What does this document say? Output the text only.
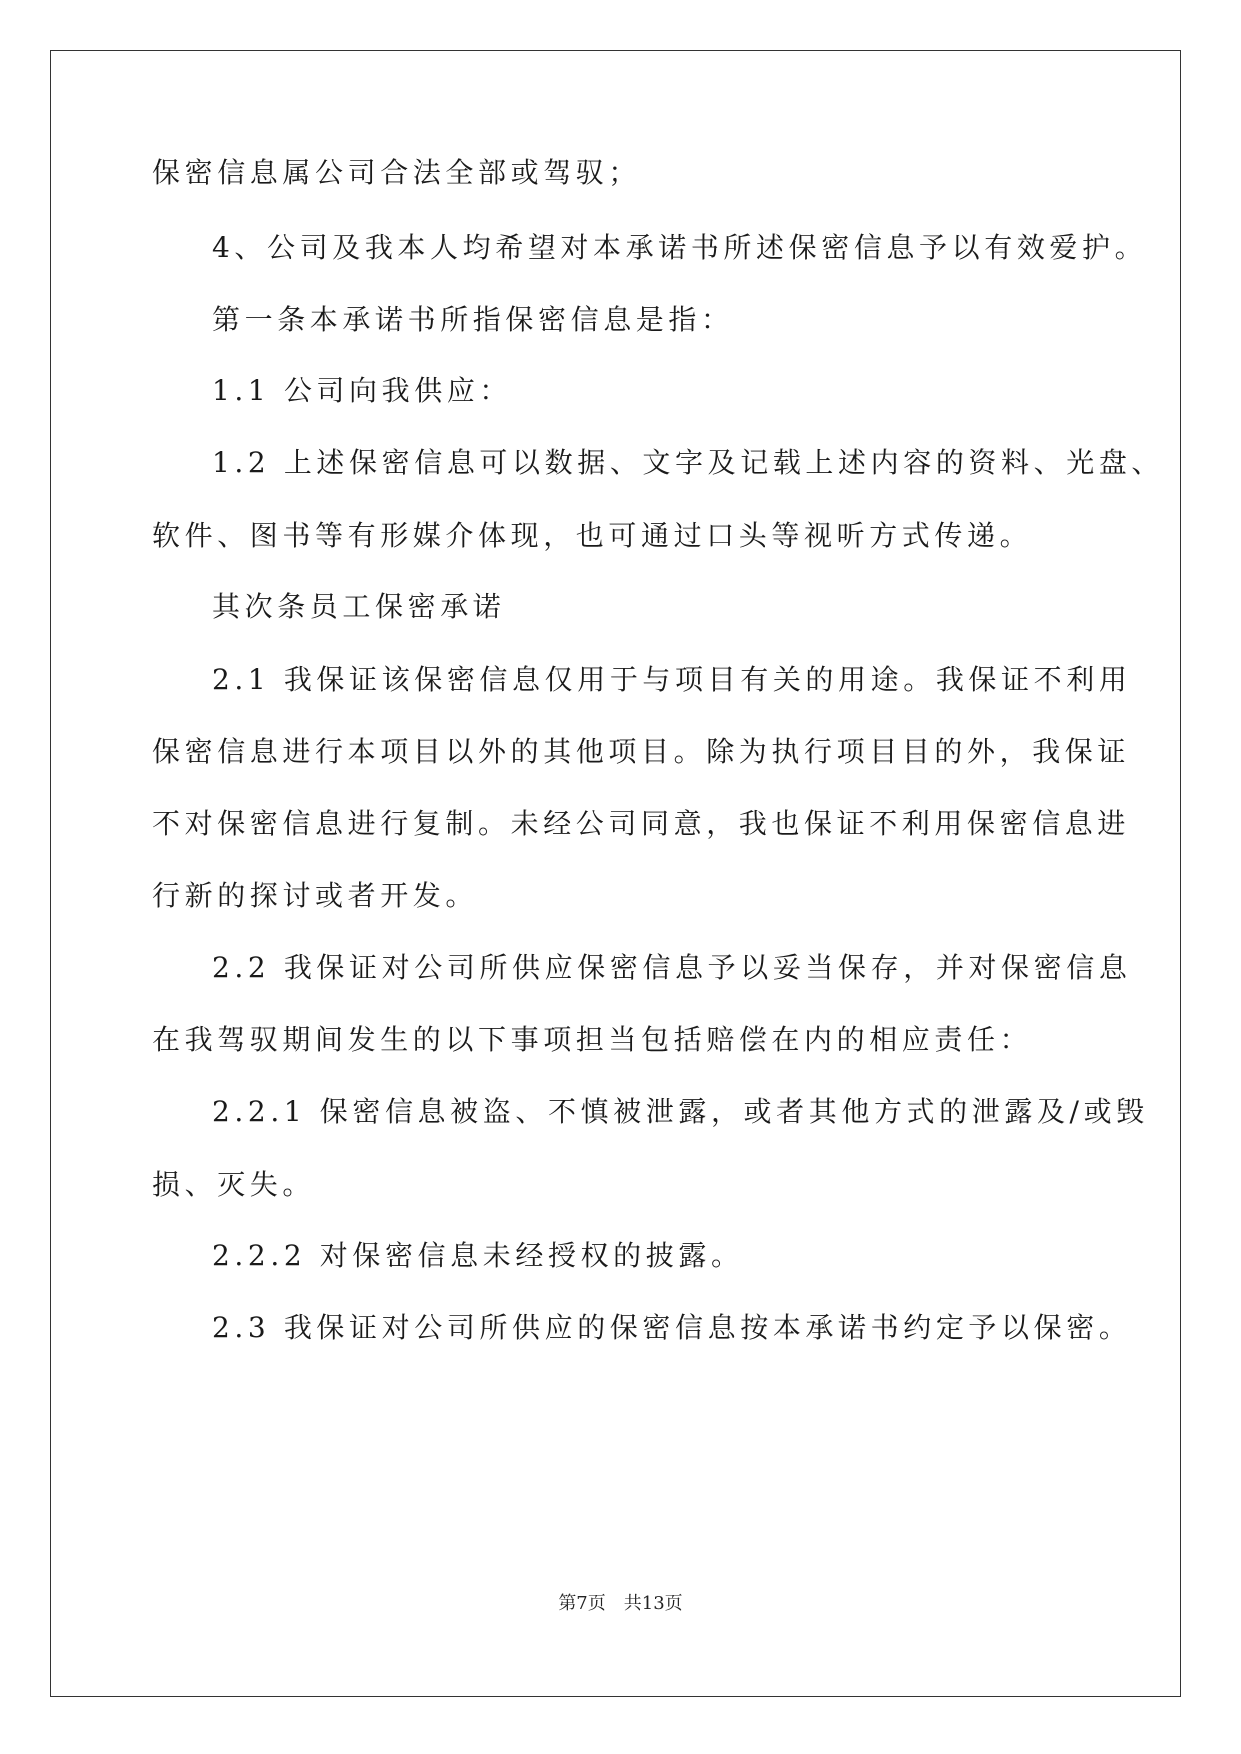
保密信息属公司合法全部或驾驭；
4、公司及我本人均希望对本承诺书所述保密信息予以有效爱护。
第一条本承诺书所指保密信息是指：
1.1 公司向我供应：
1.2 上述保密信息可以数据、文字及记载上述内容的资料、光盘、
软件、图书等有形媒介体现，也可通过口头等视听方式传递。
其次条员工保密承诺
2.1 我保证该保密信息仅用于与项目有关的用途。我保证不利用
保密信息进行本项目以外的其他项目。除为执行项目目的外，我保证
不对保密信息进行复制。未经公司同意，我也保证不利用保密信息进
行新的探讨或者开发。
2.2 我保证对公司所供应保密信息予以妥当保存，并对保密信息
在我驾驭期间发生的以下事项担当包括赔偿在内的相应责任：
2.2.1 保密信息被盗、不慎被泄露，或者其他方式的泄露及/或毁
损、灭失。
2.2.2 对保密信息未经授权的披露。
2.3 我保证对公司所供应的保密信息按本承诺书约定予以保密。
第7页 共13页
